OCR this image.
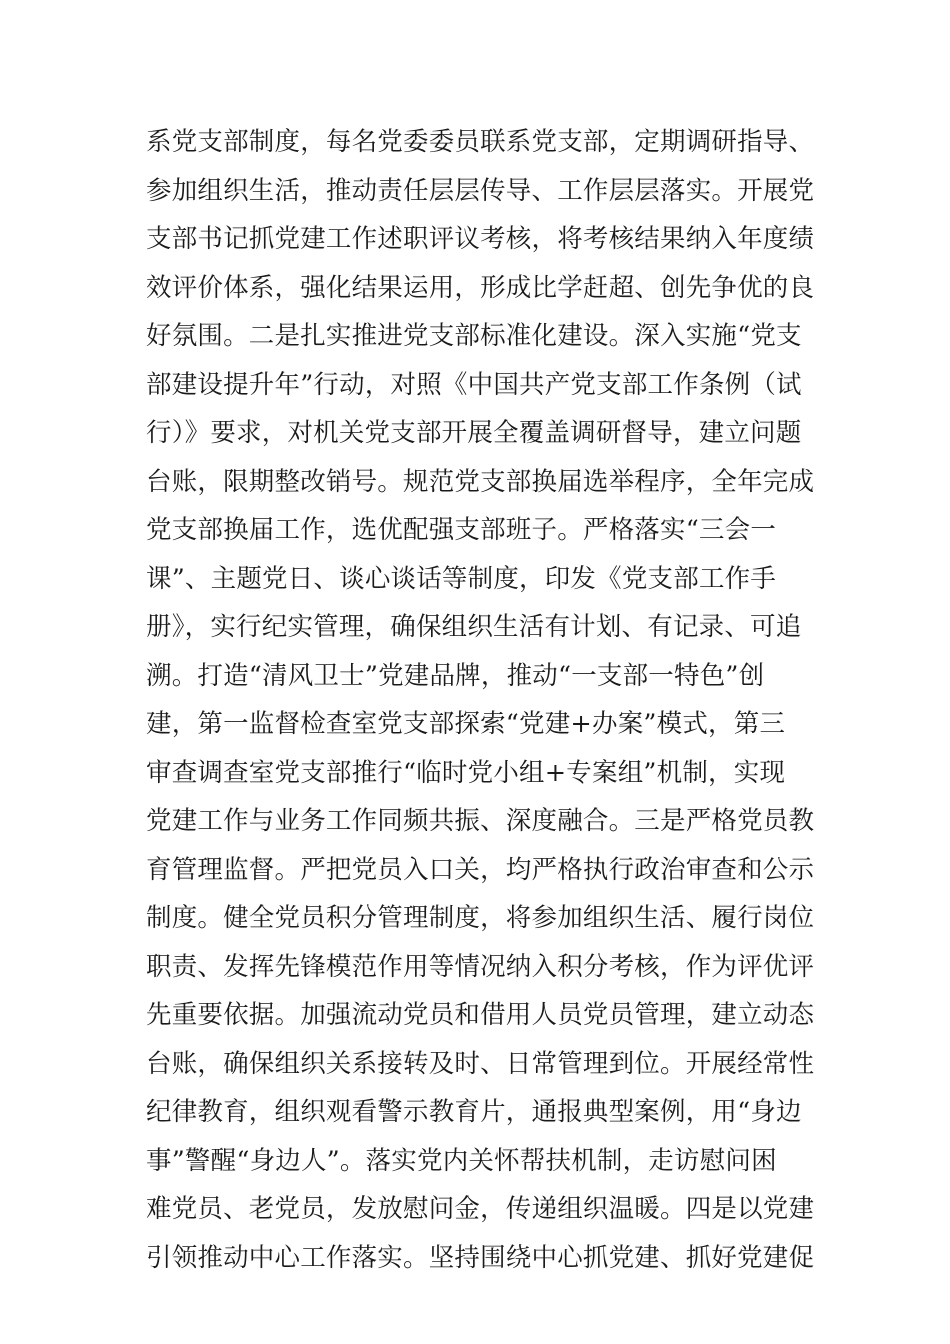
系党支部制度，每名党委委员联系党支部，定期调研指导、
参加组织生活，推动责任层层传导、工作层层落实。开展党
支部书记抓党建工作述职评议考核，将考核结果纳入年度绩
效评价体系，强化结果运用，形成比学赶超、创先争优的良
好氛围。二是扎实推进党支部标准化建设。深入实施“党支
部建设提升年”行动，对照《中国共产党支部工作条例（试
行）》要求，对机关党支部开展全覆盖调研督导，建立问题
台账，限期整改销号。规范党支部换届选举程序，全年完成
党支部换届工作，选优配强支部班子。严格落实“三会一
课”、主题党日、谈心谈话等制度，印发《党支部工作手
册》，实行纪实管理，确保组织生活有计划、有记录、可追
溯。打造“清风卫士”党建品牌，推动“一支部一特色”创
建，第一监督检查室党支部探索“党建+办案”模式，第三
审查调查室党支部推行“临时党小组+专案组”机制，实现
党建工作与业务工作同频共振、深度融合。三是严格党员教
育管理监督。严把党员入口关，均严格执行政治审查和公示
制度。健全党员积分管理制度，将参加组织生活、履行岗位
职责、发挥先锋模范作用等情况纳入积分考核，作为评优评
先重要依据。加强流动党员和借用人员党员管理，建立动态
台账，确保组织关系接转及时、日常管理到位。开展经常性
纪律教育，组织观看警示教育片，通报典型案例，用“身边
事”警醒“身边人”。落实党内关怀帮扶机制，走访慰问困
难党员、老党员，发放慰问金，传递组织温暖。四是以党建
引领推动中心工作落实。坚持围绕中心抓党建、抓好党建促
